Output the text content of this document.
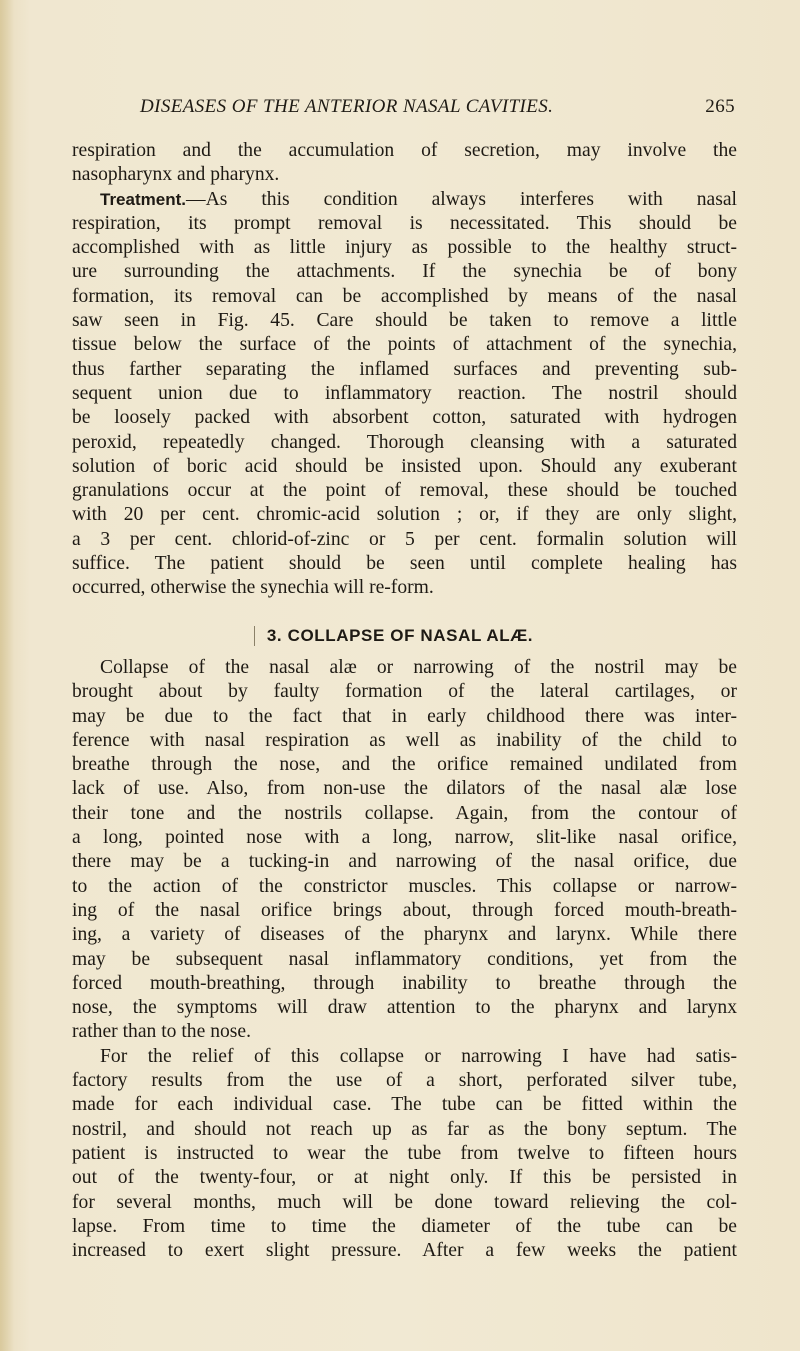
DISEASES OF THE ANTERIOR NASAL CAVITIES.	265
respiration and the accumulation of secretion, may involve the
nasopharynx and pharynx.
Treatment.—As this condition always interferes with nasal
respiration, its prompt removal is necessitated. This should be
accomplished with as little injury as possible to the healthy struct-
ure surrounding the attachments. If the synechia be of bony
formation, its removal can be accomplished by means of the nasal
saw seen in Fig. 45. Care should be taken to remove a little
tissue below the surface of the points of attachment of the synechia,
thus farther separating the inflamed surfaces and preventing sub-
sequent union due to inflammatory reaction. The nostril should
be loosely packed with absorbent cotton, saturated with hydrogen
peroxid, repeatedly changed. Thorough cleansing with a saturated
solution of boric acid should be insisted upon. Should any exuberant
granulations occur at the point of removal, these should be touched
with 20 per cent. chromic-acid solution ; or, if they are only slight,
a 3 per cent. chlorid-of-zinc or 5 per cent. formalin solution will
suffice. The patient should be seen until complete healing has
occurred, otherwise the synechia will re-form.
3. COLLAPSE OF NASAL ALÆ.
Collapse of the nasal alæ or narrowing of the nostril may be
brought about by faulty formation of the lateral cartilages, or
may be due to the fact that in early childhood there was inter-
ference with nasal respiration as well as inability of the child to
breathe through the nose, and the orifice remained undilated from
lack of use. Also, from non-use the dilators of the nasal alæ lose
their tone and the nostrils collapse. Again, from the contour of
a long, pointed nose with a long, narrow, slit-like nasal orifice,
there may be a tucking-in and narrowing of the nasal orifice, due
to the action of the constrictor muscles. This collapse or narrow-
ing of the nasal orifice brings about, through forced mouth-breath-
ing, a variety of diseases of the pharynx and larynx. While there
may be subsequent nasal inflammatory conditions, yet from the
forced mouth-breathing, through inability to breathe through the
nose, the symptoms will draw attention to the pharynx and larynx
rather than to the nose.
For the relief of this collapse or narrowing I have had satis-
factory results from the use of a short, perforated silver tube,
made for each individual case. The tube can be fitted within the
nostril, and should not reach up as far as the bony septum. The
patient is instructed to wear the tube from twelve to fifteen hours
out of the twenty-four, or at night only. If this be persisted in
for several months, much will be done toward relieving the col-
lapse. From time to time the diameter of the tube can be
increased to exert slight pressure. After a few weeks the patient
